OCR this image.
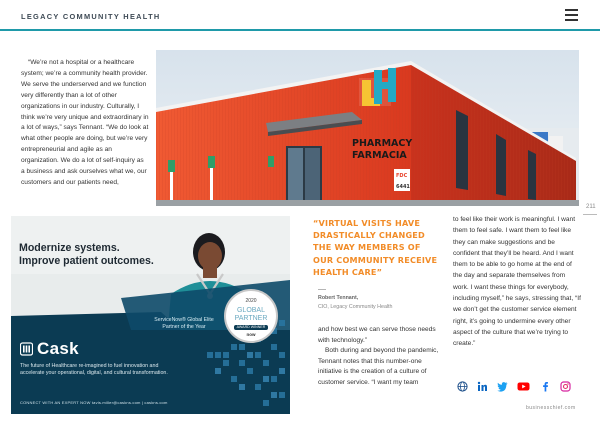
LEGACY COMMUNITY HEALTH

“We’re not a hospital or a healthcare system; we’re a community health provider. We serve the underserved and we function very differently than a lot of other organizations in our industry. Culturally, I think we’re very unique and extraordinary in a lot of ways,” says Tennant. “We do look at what other people are doing, but we’re very entrepreneurial and agile as an organization. We do a lot of self-inquiry as a business and ask ourselves what we, our customers and our patients need,

PHARMACY
FARMACIA
FDC
6441
211
Modernize systems.
Improve patient outcomes.
ServiceNow® Global Elite
Partner of the Year
2020
GLOBAL
PARTNER
AWARD WINNER
now
Cask
The future of Healthcare re-imagined to fuel innovation and accelerate your operational, digital, and cultural transformation.
CONNECT WITH AN EXPERT NOW tavis.miller@caskns.com | caskns.com
“VIRTUAL VISITS HAVE
DRASTICALLY CHANGED
THE WAY MEMBERS OF
OUR COMMUNITY RECEIVE
HEALTH CARE”
Robert Tennant,
CIO, Legacy Community Health

and how best we can serve those needs with technology.”

Both during and beyond the pandemic, Tennant notes that this number-one initiative is the creation of a culture of customer service. “I want my team

to feel like their work is meaningful. I want them to feel safe. I want them to feel like they can make suggestions and be confident that they’ll be heard. And I want them to be able to go home at the end of the day and separate themselves from work. I want these things for everybody, including myself,” he says, stressing that, “If we don’t get the customer service element right, it’s going to undermine every other aspect of the culture that we’re trying to create.”

businesschief.com
